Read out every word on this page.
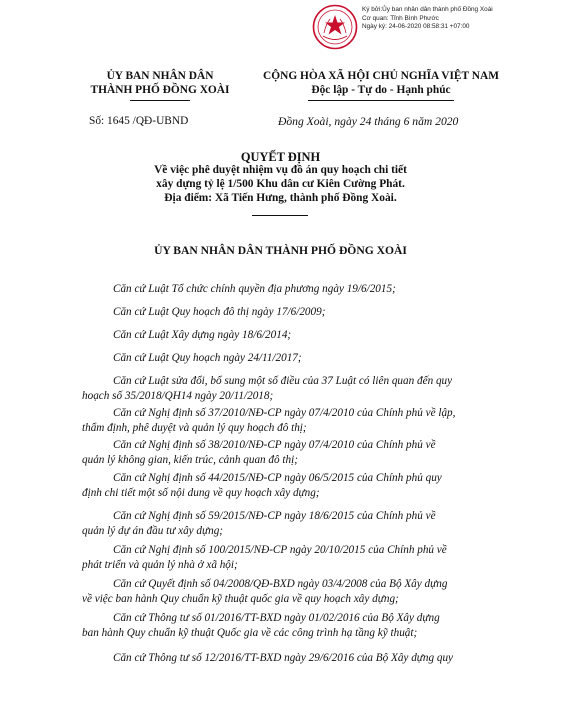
Ký bởi:Ủy ban nhân dân thành phố Đồng Xoài
Cơ quan: Tỉnh Bình Phước
Ngày ký: 24-06-2020 08:58:31 +07:00
ỦY BAN NHÂN DÂN
THÀNH PHỐ ĐỒNG XOÀI
CỘNG HÒA XÃ HỘI CHỦ NGHĨA VIỆT NAM
Độc lập - Tự do - Hạnh phúc
Số: 1645 /QĐ-UBND	Đồng Xoài, ngày 24 tháng 6 năm 2020
QUYẾT ĐỊNH
Về việc phê duyệt nhiệm vụ đồ án quy hoạch chi tiết
xây dựng tỷ lệ 1/500 Khu dân cư Kiên Cường Phát.
Địa điểm: Xã Tiến Hưng, thành phố Đồng Xoài.
ỦY BAN NHÂN DÂN THÀNH PHỐ ĐỒNG XOÀI
Căn cứ Luật Tổ chức chính quyền địa phương ngày 19/6/2015;
Căn cứ Luật Quy hoạch đô thị ngày 17/6/2009;
Căn cứ Luật Xây dựng ngày 18/6/2014;
Căn cứ Luật Quy hoạch ngày 24/11/2017;
Căn cứ Luật sửa đổi, bổ sung một số điều của 37 Luật có liên quan đến quy
hoạch số 35/2018/QH14 ngày 20/11/2018;
Căn cứ Nghị định số 37/2010/NĐ-CP ngày 07/4/2010 của Chính phủ về lập,
thẩm định, phê duyệt và quản lý quy hoạch đô thị;
Căn cứ Nghị định số 38/2010/NĐ-CP ngày 07/4/2010 của Chính phủ về
quản lý không gian, kiến trúc, cảnh quan đô thị;
Căn cứ Nghị định số 44/2015/NĐ-CP ngày 06/5/2015 của Chính phủ quy
định chi tiết một số nội dung về quy hoạch xây dựng;
Căn cứ Nghị định số 59/2015/NĐ-CP ngày 18/6/2015 của Chính phủ về
quản lý dự án đầu tư xây dựng;
Căn cứ Nghị định số 100/2015/NĐ-CP ngày 20/10/2015 của Chính phủ về
phát triển và quản lý nhà ở xã hội;
Căn cứ Quyết định số 04/2008/QĐ-BXD ngày 03/4/2008 của Bộ Xây dựng
về việc ban hành Quy chuẩn kỹ thuật quốc gia về quy hoạch xây dựng;
Căn cứ Thông tư số 01/2016/TT-BXD ngày 01/02/2016 của Bộ Xây dựng
ban hành Quy chuẩn kỹ thuật Quốc gia về các công trình hạ tầng kỹ thuật;
Căn cứ Thông tư số 12/2016/TT-BXD ngày 29/6/2016 của Bộ Xây dựng quy
